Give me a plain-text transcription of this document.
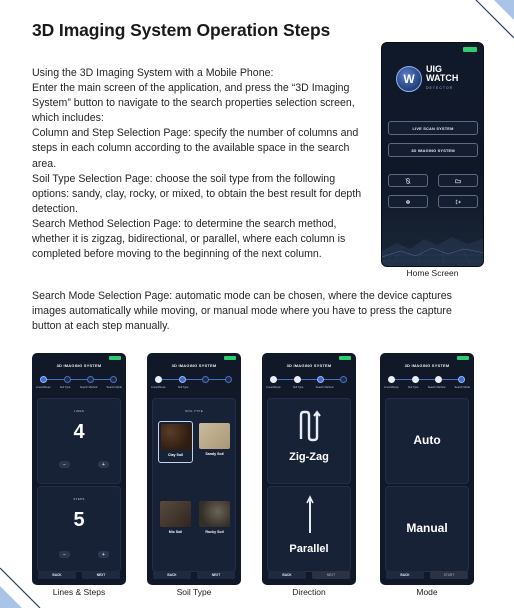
3D Imaging System Operation Steps

Using the 3D Imaging System with a Mobile Phone:

Enter the main screen of the application, and press the “3D Imaging System” button to navigate to the search properties selection screen, which includes:

Column and Step Selection Page: specify the number of columns and steps in each column according to the available space in the search area.

Soil Type Selection Page: choose the soil type from the following options: sandy, clay, rocky, or mixed, to obtain the best result for depth detection.

Search Method Selection Page: to determine the search method, whether it is zigzag, bidirectional, or parallel, where each column is completed before moving to the beginning of the next column.

Search Mode Selection Page: automatic mode can be chosen, where the device captures images automatically while moving, or manual mode where you have to press the capture button at each step manually.

W
UIG
WATCH
DETECTOR
LIVE SCAN SYSTEM
3D IMAGING SYSTEM
Home Screen
3D IMAGING SYSTEM
Lines&Steps	Soil Type	Search Method	Search Mode
LINES
4
−	+
STEPS
5
−	+
BACK	NEXT
Lines & Steps
3D IMAGING SYSTEM
Lines&Steps	Soil Type
SOIL TYPE
Clay Soil	Sandy Soil
Mix Soil	Rocky Soil
BACK	NEXT
Soil Type
3D IMAGING SYSTEM
Lines&Steps	Soil Type	Search Method
Zig-Zag
Parallel
BACK	NEXT
Direction
3D IMAGING SYSTEM
Lines&Steps	Soil Type	Search Method	Search Mode
Auto
Manual
BACK	START
Mode
